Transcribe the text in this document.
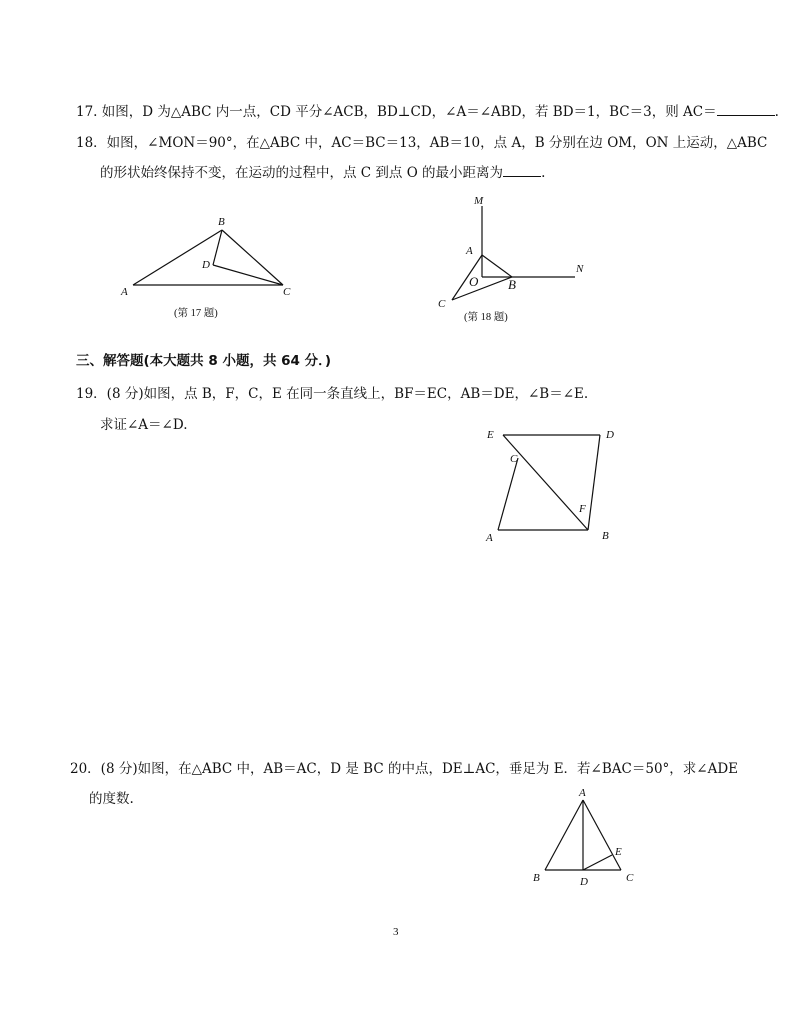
17. 如图，D 为△ABC 内一点，CD 平分∠ACB，BD⊥CD，∠A＝∠ABD，若 BD＝1，BC＝3，则 AC＝	.
18．如图，∠MON＝90°，在△ABC 中，AC＝BC＝13，AB＝10，点 A，B 分别在边 OM，ON 上运动，△ABC
的形状始终保持不变，在运动的过程中，点 C 到点 O 的最小距离为	.
A
B
C
D
(第 17 题)
M
N
A
O B
C
(第 18 题)
三、解答题(本大题共 8 小题，共 64 分．)
19．(8 分)如图，点 B，F，C，E 在同一条直线上，BF＝EC，AB＝DE，∠B＝∠E.
求证∠A＝∠D.
E	D
C
F
A	B
20．(8 分)如图，在△ABC 中，AB＝AC，D 是 BC 的中点，DE⊥AC，垂足为 E．若∠BAC＝50°，求∠ADE
的度数.	A
B	C
D
E
3
